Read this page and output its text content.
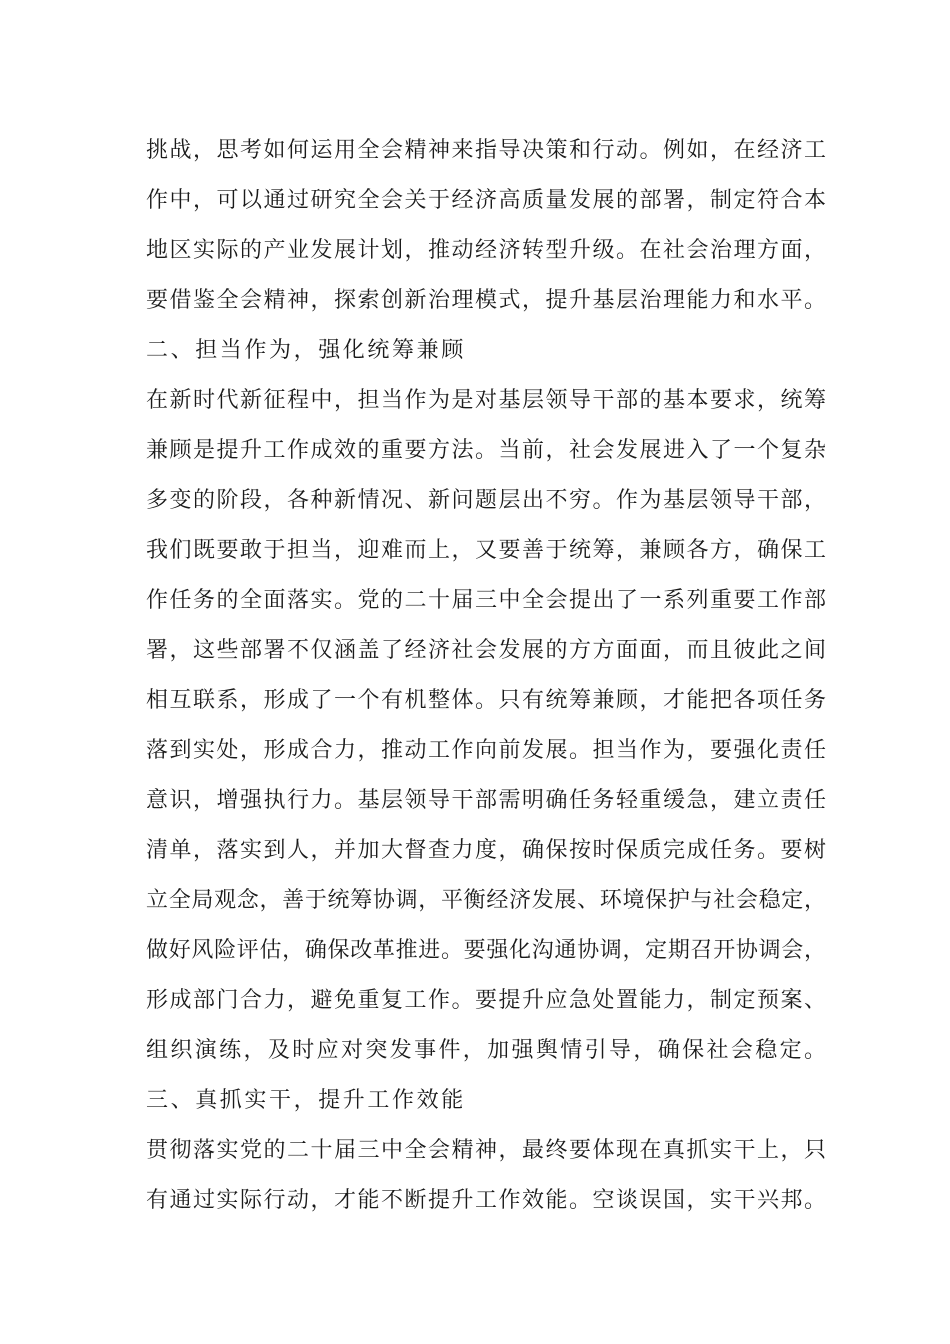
挑战，思考如何运用全会精神来指导决策和行动。例如，在经济工
作中，可以通过研究全会关于经济高质量发展的部署，制定符合本
地区实际的产业发展计划，推动经济转型升级。在社会治理方面，
要借鉴全会精神，探索创新治理模式，提升基层治理能力和水平。
二、担当作为，强化统筹兼顾
在新时代新征程中，担当作为是对基层领导干部的基本要求，统筹
兼顾是提升工作成效的重要方法。当前，社会发展进入了一个复杂
多变的阶段，各种新情况、新问题层出不穷。作为基层领导干部，
我们既要敢于担当，迎难而上，又要善于统筹，兼顾各方，确保工
作任务的全面落实。党的二十届三中全会提出了一系列重要工作部
署，这些部署不仅涵盖了经济社会发展的方方面面，而且彼此之间
相互联系，形成了一个有机整体。只有统筹兼顾，才能把各项任务
落到实处，形成合力，推动工作向前发展。担当作为，要强化责任
意识，增强执行力。基层领导干部需明确任务轻重缓急，建立责任
清单，落实到人，并加大督查力度，确保按时保质完成任务。要树
立全局观念，善于统筹协调，平衡经济发展、环境保护与社会稳定，
做好风险评估，确保改革推进。要强化沟通协调，定期召开协调会，
形成部门合力，避免重复工作。要提升应急处置能力，制定预案、
组织演练，及时应对突发事件，加强舆情引导，确保社会稳定。
三、真抓实干，提升工作效能
贯彻落实党的二十届三中全会精神，最终要体现在真抓实干上，只
有通过实际行动，才能不断提升工作效能。空谈误国，实干兴邦。
